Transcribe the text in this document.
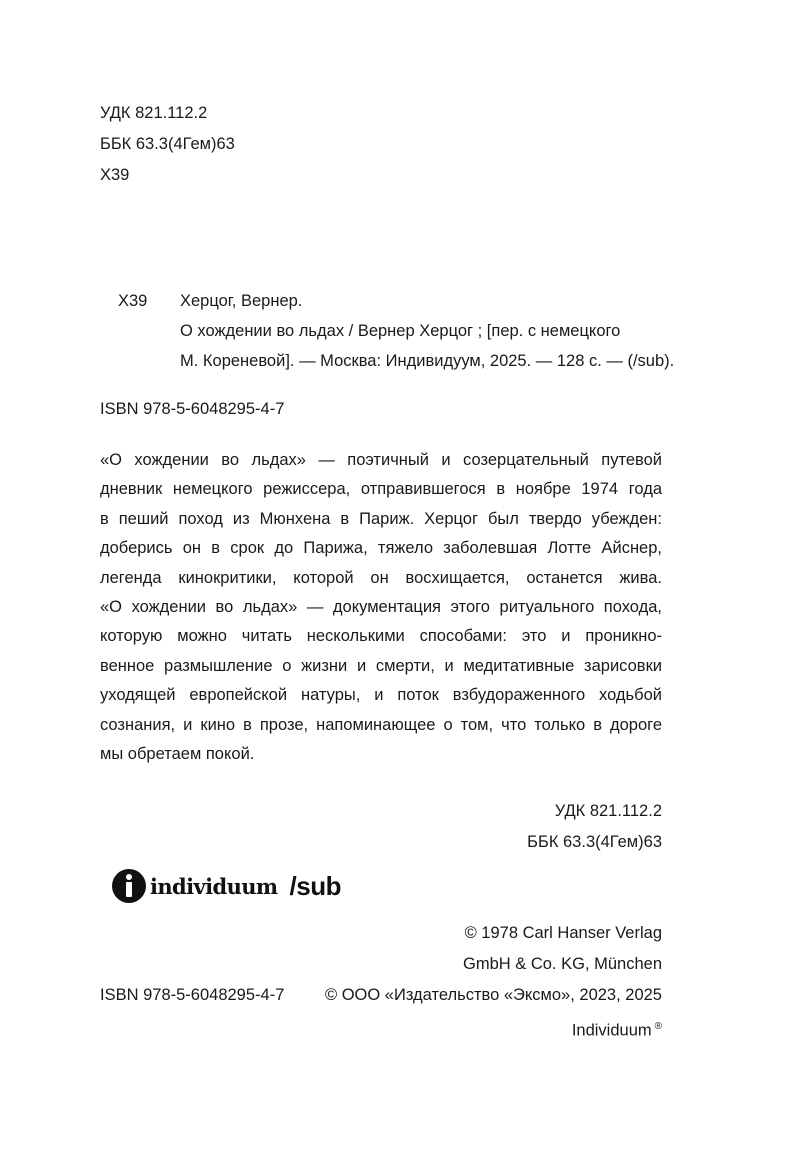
УДК 821.112.2
ББК 63.3(4Гем)63
Х39
Х39 Херцог, Вернер.
О хождении во льдах / Вернер Херцог ; [пер. с немецкого
М. Кореневой]. — Москва: Индивидуум, 2025. — 128 с. — (/sub).
ISBN 978-5-6048295-4-7
«О хождении во льдах» — поэтичный и созерцательный путевой
дневник немецкого режиссера, отправившегося в ноябре 1974 года
в пеший поход из Мюнхена в Париж. Херцог был твердо убежден:
доберись он в срок до Парижа, тяжело заболевшая Лотте Айснер,
легенда кинокритики, которой он восхищается, останется жива.
«О хождении во льдах» — документация этого ритуального похода,
которую можно читать несколькими способами: это и проникно-
венное размышление о жизни и смерти, и медитативные зарисовки
уходящей европейской натуры, и поток взбудораженного ходьбой
сознания, и кино в прозе, напоминающее о том, что только в дороге
мы обретаем покой.
УДК 821.112.2
ББК 63.3(4Гем)63
individuum /sub
© 1978 Carl Hanser Verlag
GmbH & Co. KG, München
© ООО «Издательство «Эксмо», 2023, 2025
Individuum ®
ISBN 978-5-6048295-4-7
